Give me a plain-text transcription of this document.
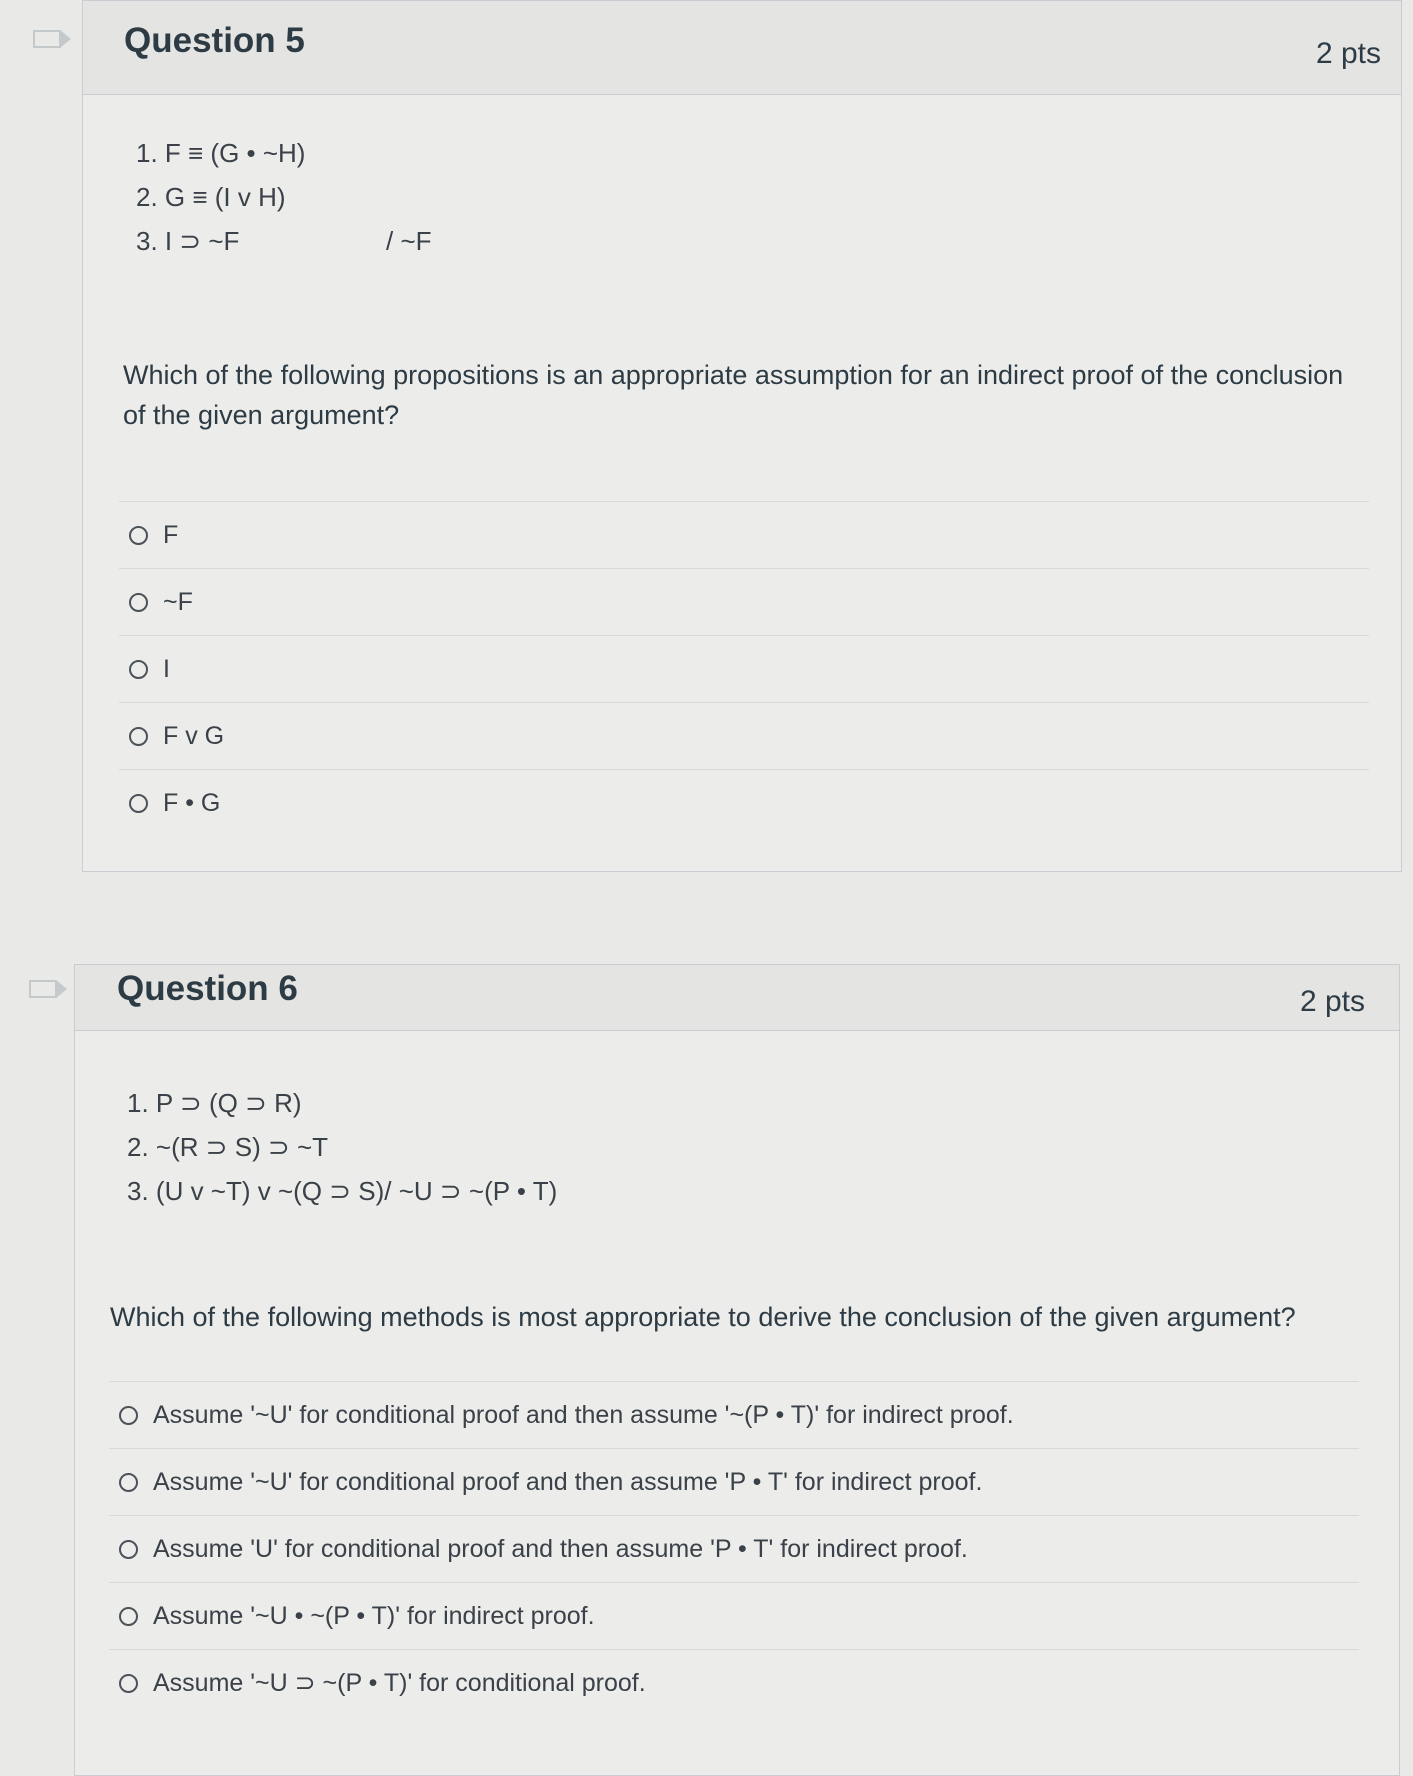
Question 5	2 pts
1. F ≡ (G • ~H)
2. G ≡ (I v H)
3. I ⊃ ~F	/ ~F
Which of the following propositions is an appropriate assumption for an indirect proof of the conclusion of the given argument?
F
~F
I
F v G
F • G
Question 6	2 pts
1. P ⊃ (Q ⊃ R)
2. ~(R ⊃ S) ⊃ ~T
3. (U v ~T) v ~(Q ⊃ S)/ ~U ⊃ ~(P • T)
Which of the following methods is most appropriate to derive the conclusion of the given argument?
Assume '~U' for conditional proof and then assume '~(P • T)' for indirect proof.
Assume '~U' for conditional proof and then assume 'P • T' for indirect proof.
Assume 'U' for conditional proof and then assume 'P • T' for indirect proof.
Assume '~U • ~(P • T)' for indirect proof.
Assume '~U ⊃ ~(P • T)' for conditional proof.
